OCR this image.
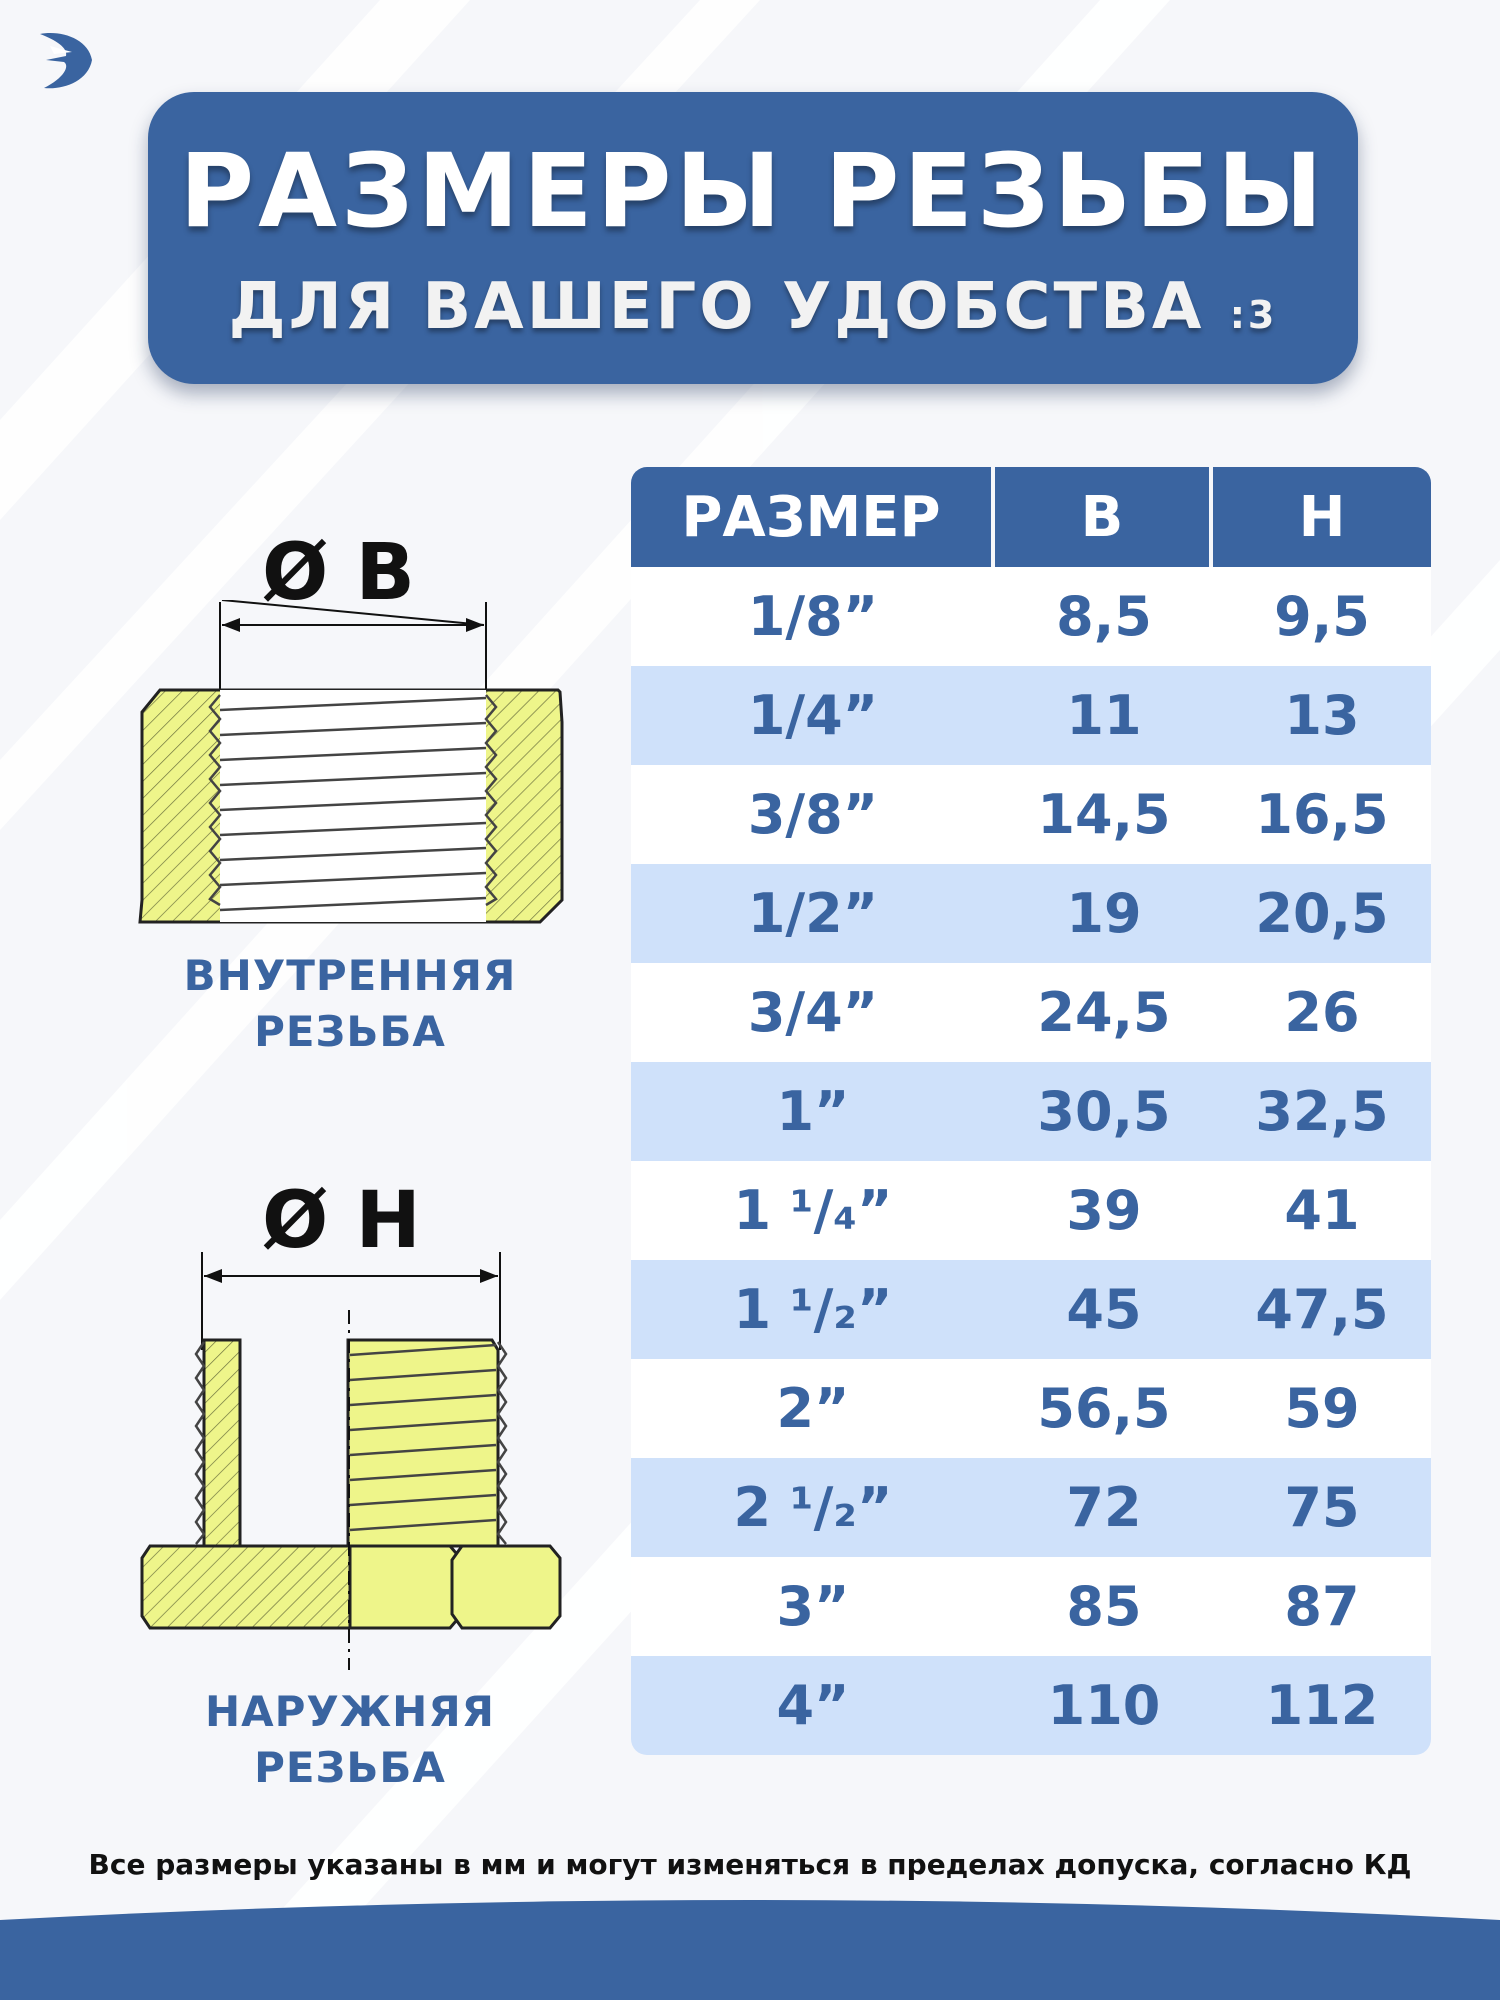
РАЗМЕРЫ РЕЗЬБЫ
ДЛЯ ВАШЕГО УДОБСТВА :3
Ø B
ВНУТРЕННЯЯ
РЕЗЬБА
Ø H
НАРУЖНЯЯ
РЕЗЬБА
РАЗМЕР	B	H
1/8”	8,5	9,5
1/4”	11	13
3/8”	14,5	16,5
1/2”	19	20,5
3/4”	24,5	26
1”	30,5	32,5
1 ¹/₄”	39	41
1 ¹/₂”	45	47,5
2”	56,5	59
2 ¹/₂”	72	75
3”	85	87
4”	110	112
Все размеры указаны в мм и могут изменяться в пределах допуска, согласно КД
